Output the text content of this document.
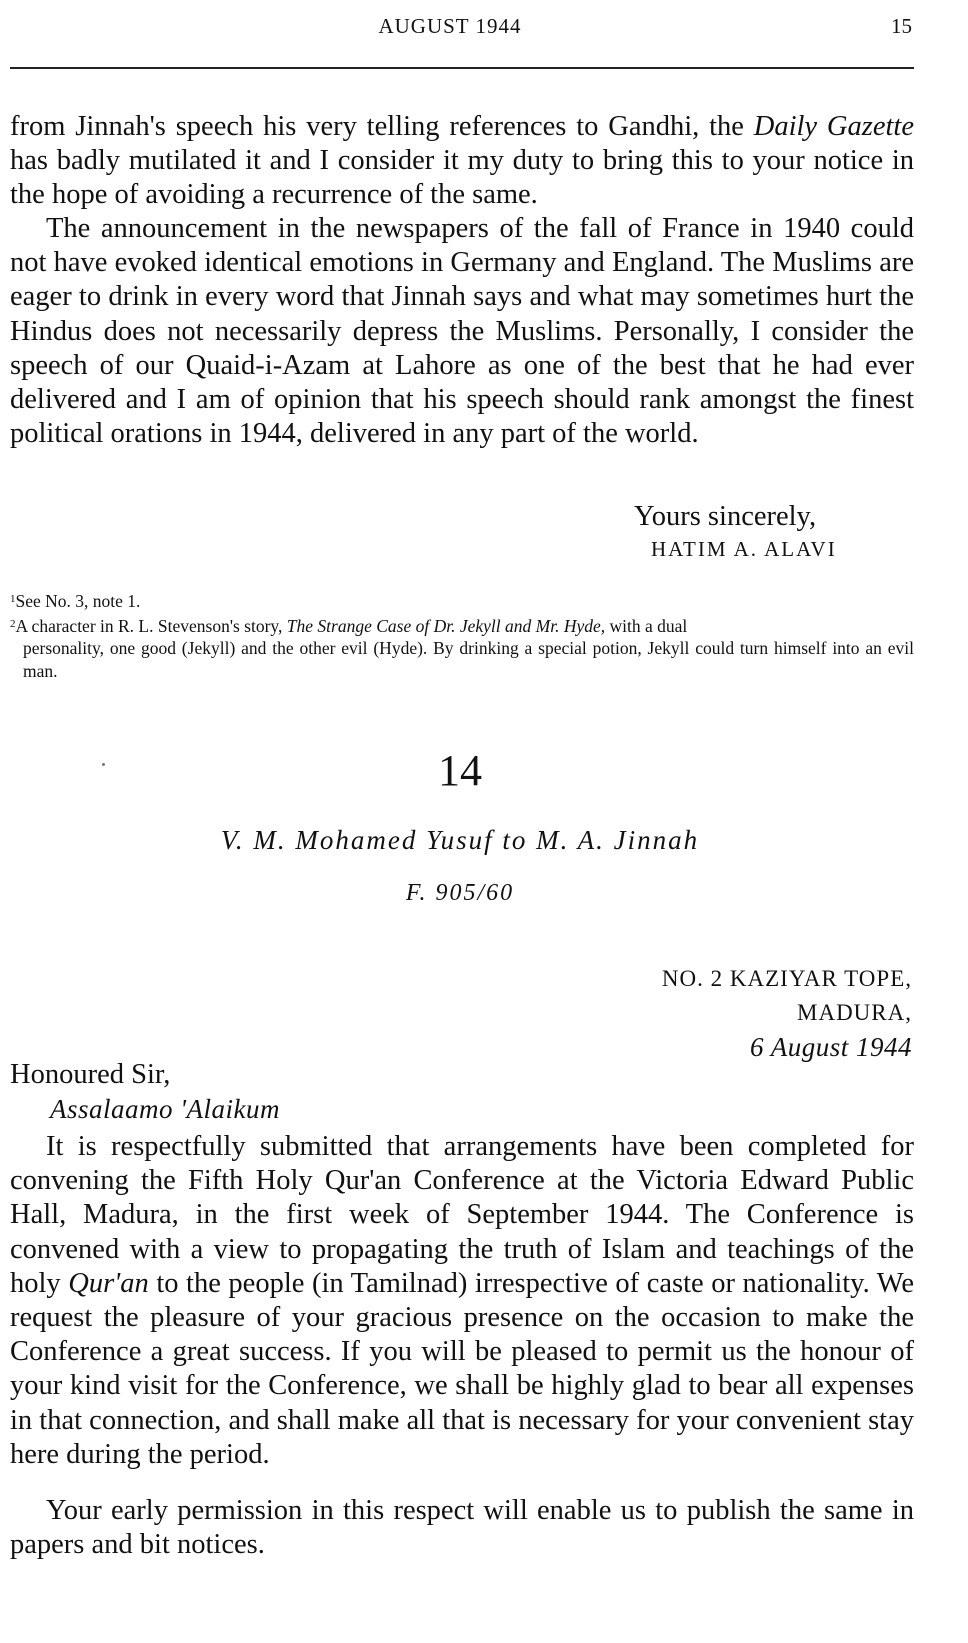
AUGUST 1944	15

from Jinnah's speech his very telling references to Gandhi, the Daily Gazette has badly mutilated it and I consider it my duty to bring this to your notice in the hope of avoiding a recurrence of the same.

The announcement in the newspapers of the fall of France in 1940 could not have evoked identical emotions in Germany and England. The Muslims are eager to drink in every word that Jinnah says and what may sometimes hurt the Hindus does not necessarily depress the Muslims. Personally, I consider the speech of our Quaid-i-Azam at Lahore as one of the best that he had ever delivered and I am of opinion that his speech should rank amongst the finest political orations in 1944, delivered in any part of the world.

Yours sincerely,
HATIM A. ALAVI

$^1$See No. 3, note 1.

$^2$A character in R. L. Stevenson's story, The Strange Case of Dr. Jekyll and Mr. Hyde, with a dual
personality, one good (Jekyll) and the other evil (Hyde). By drinking a special potion, Jekyll could turn himself into an evil man.

14
V. M. Mohamed Yusuf to M. A. Jinnah
F. 905/60
NO. 2 KAZIYAR TOPE,
MADURA,
6 August 1944
Honoured Sir,
Assalaamo 'Alaikum

It is respectfully submitted that arrangements have been completed for convening the Fifth Holy Qur'an Conference at the Victoria Edward Public Hall, Madura, in the first week of September 1944. The Conference is convened with a view to propagating the truth of Islam and teachings of the holy Qur'an to the people (in Tamilnad) irrespective of caste or nationality. We request the pleasure of your gracious presence on the occasion to make the Conference a great success. If you will be pleased to permit us the honour of your kind visit for the Conference, we shall be highly glad to bear all expenses in that connection, and shall make all that is necessary for your convenient stay here during the period.

Your early permission in this respect will enable us to publish the same in papers and bit notices.
